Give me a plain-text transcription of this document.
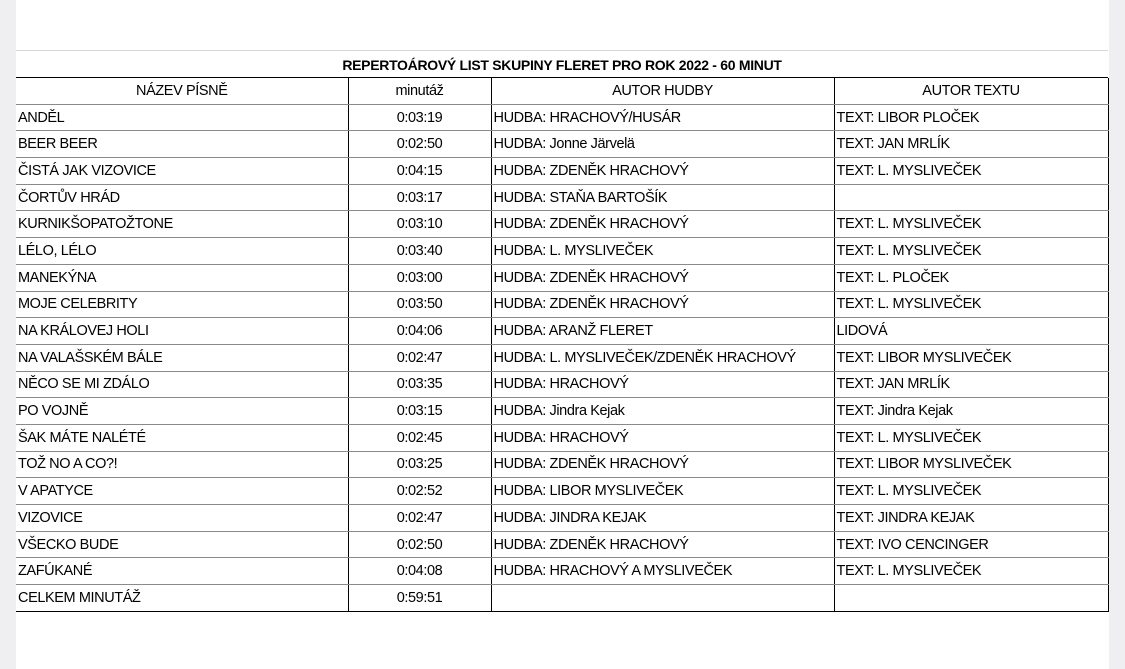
REPERTOÁROVÝ LIST SKUPINY FLERET PRO ROK 2022 - 60 MINUT
NÁZEV PÍSNĚ	minutáž	AUTOR HUDBY	AUTOR TEXTU
ANDĚL	0:03:19	HUDBA: HRACHOVÝ/HUSÁR	TEXT: LIBOR PLOČEK
BEER BEER	0:02:50	HUDBA: Jonne Järvelä	TEXT: JAN MRLÍK
ČISTÁ JAK VIZOVICE	0:04:15	HUDBA: ZDENĚK HRACHOVÝ	TEXT: L. MYSLIVEČEK
ČORTŮV HRÁD	0:03:17	HUDBA: STAŇA BARTOŠÍK	
KURNIKŠOPATOŽTONE	0:03:10	HUDBA: ZDENĚK HRACHOVÝ	TEXT: L. MYSLIVEČEK
LÉLO, LÉLO	0:03:40	HUDBA: L. MYSLIVEČEK	TEXT: L. MYSLIVEČEK
MANEKÝNA	0:03:00	HUDBA: ZDENĚK HRACHOVÝ	TEXT: L. PLOČEK
MOJE CELEBRITY	0:03:50	HUDBA: ZDENĚK HRACHOVÝ	TEXT: L. MYSLIVEČEK
NA KRÁLOVEJ HOLI	0:04:06	HUDBA: ARANŽ FLERET	LIDOVÁ
NA VALAŠSKÉM BÁLE	0:02:47	HUDBA: L. MYSLIVEČEK/ZDENĚK HRACHOVÝ	TEXT: LIBOR MYSLIVEČEK
NĚCO SE MI ZDÁLO	0:03:35	HUDBA: HRACHOVÝ	TEXT: JAN MRLÍK
PO VOJNĚ	0:03:15	HUDBA: Jindra Kejak	TEXT: Jindra Kejak
ŠAK MÁTE NALÉTÉ	0:02:45	HUDBA: HRACHOVÝ	TEXT: L. MYSLIVEČEK
TOŽ NO A CO?!	0:03:25	HUDBA: ZDENĚK HRACHOVÝ	TEXT: LIBOR MYSLIVEČEK
V APATYCE	0:02:52	HUDBA: LIBOR MYSLIVEČEK	TEXT: L. MYSLIVEČEK
VIZOVICE	0:02:47	HUDBA: JINDRA KEJAK	TEXT: JINDRA KEJAK
VŠECKO BUDE	0:02:50	HUDBA: ZDENĚK HRACHOVÝ	TEXT: IVO CENCINGER
ZAFÚKANÉ	0:04:08	HUDBA: HRACHOVÝ A MYSLIVEČEK	TEXT: L. MYSLIVEČEK
CELKEM MINUTÁŽ	0:59:51		
